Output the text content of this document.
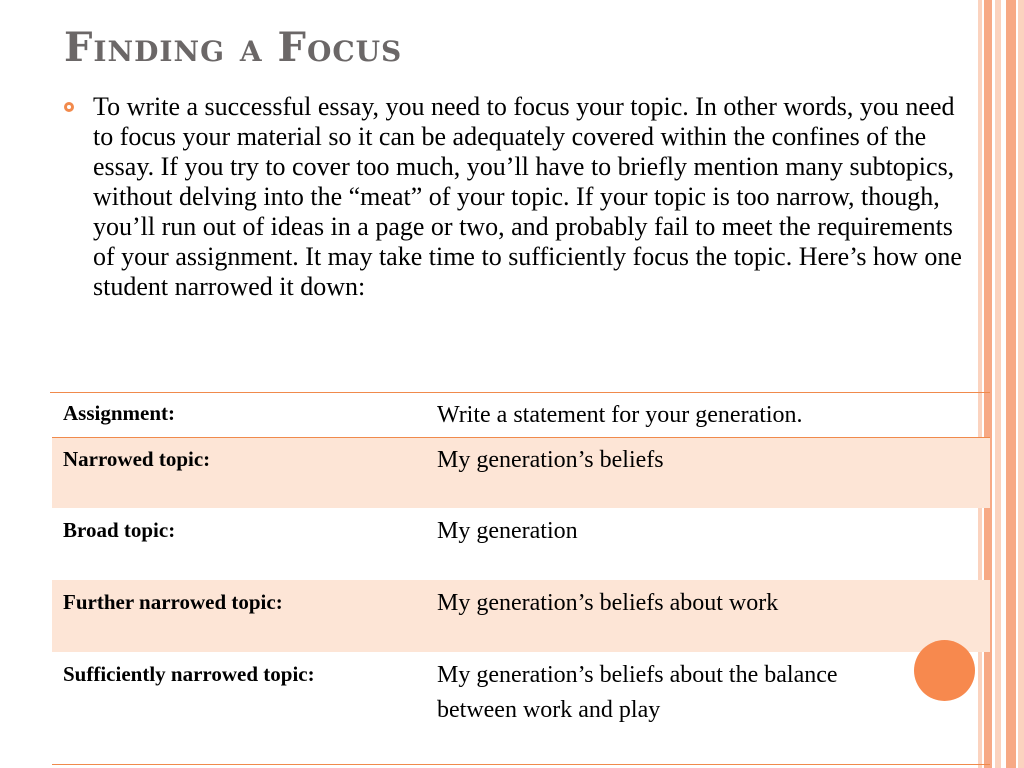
Finding a Focus
To write a successful essay, you need to focus your topic. In other words, you need to focus your material so it can be adequately covered within the confines of the essay. If you try to cover too much, you’ll have to briefly mention many subtopics, without delving into the “meat” of your topic. If your topic is too narrow, though, you’ll run out of ideas in a page or two, and probably fail to meet the requirements of your assignment. It may take time to sufficiently focus the topic. Here’s how one student narrowed it down:
Assignment:	Write a statement for your generation.
Narrowed topic:	My generation’s beliefs
Broad topic:	My generation
Further narrowed topic:	My generation’s beliefs about work
Sufficiently narrowed topic:	My generation’s beliefs about the balance between work and play
